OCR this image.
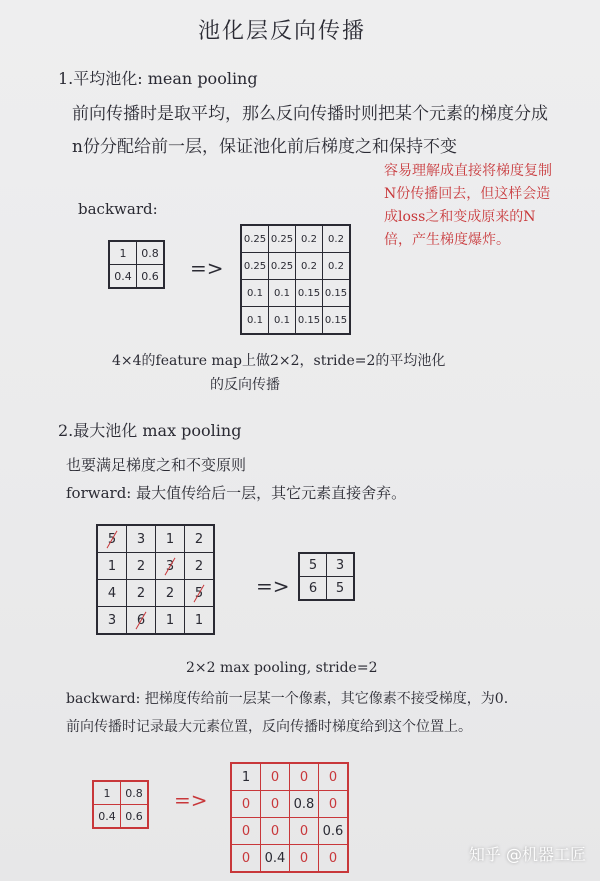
池化层反向传播
1.平均池化: mean pooling
前向传播时是取平均，那么反向传播时则把某个元素的梯度分成n份分配给前一层，保证池化前后梯度之和保持不变
容易理解成直接将梯度复制N份传播回去，但这样会造成loss之和变成原来的N倍，产生梯度爆炸。
backward:
1	0.8
0.4	0.6 =>
0.25	0.25	0.2	0.2
0.25	0.25	0.2	0.2
0.1	0.1	0.15	0.15
0.1	0.1	0.15	0.15
4×4的feature map上做2×2，stride=2的平均池化
的反向传播
2.最大池化 max pooling
也要满足梯度之和不变原则
forward: 最大值传给后一层，其它元素直接舍弃。
5	3	1	2
1	2	3	2
4	2	2	5
3	6	1	1
=>
5	3
6	5
2×2 max pooling, stride=2
backward: 把梯度传给前一层某一个像素，其它像素不接受梯度，为0.
前向传播时记录最大元素位置，反向传播时梯度给到这个位置上。
1	0.8
0.4	0.6
=>
1	0	0	0
0	0	0.8	0
0	0	0	0.6
0	0.4	0	0	知乎 @机器工匠
